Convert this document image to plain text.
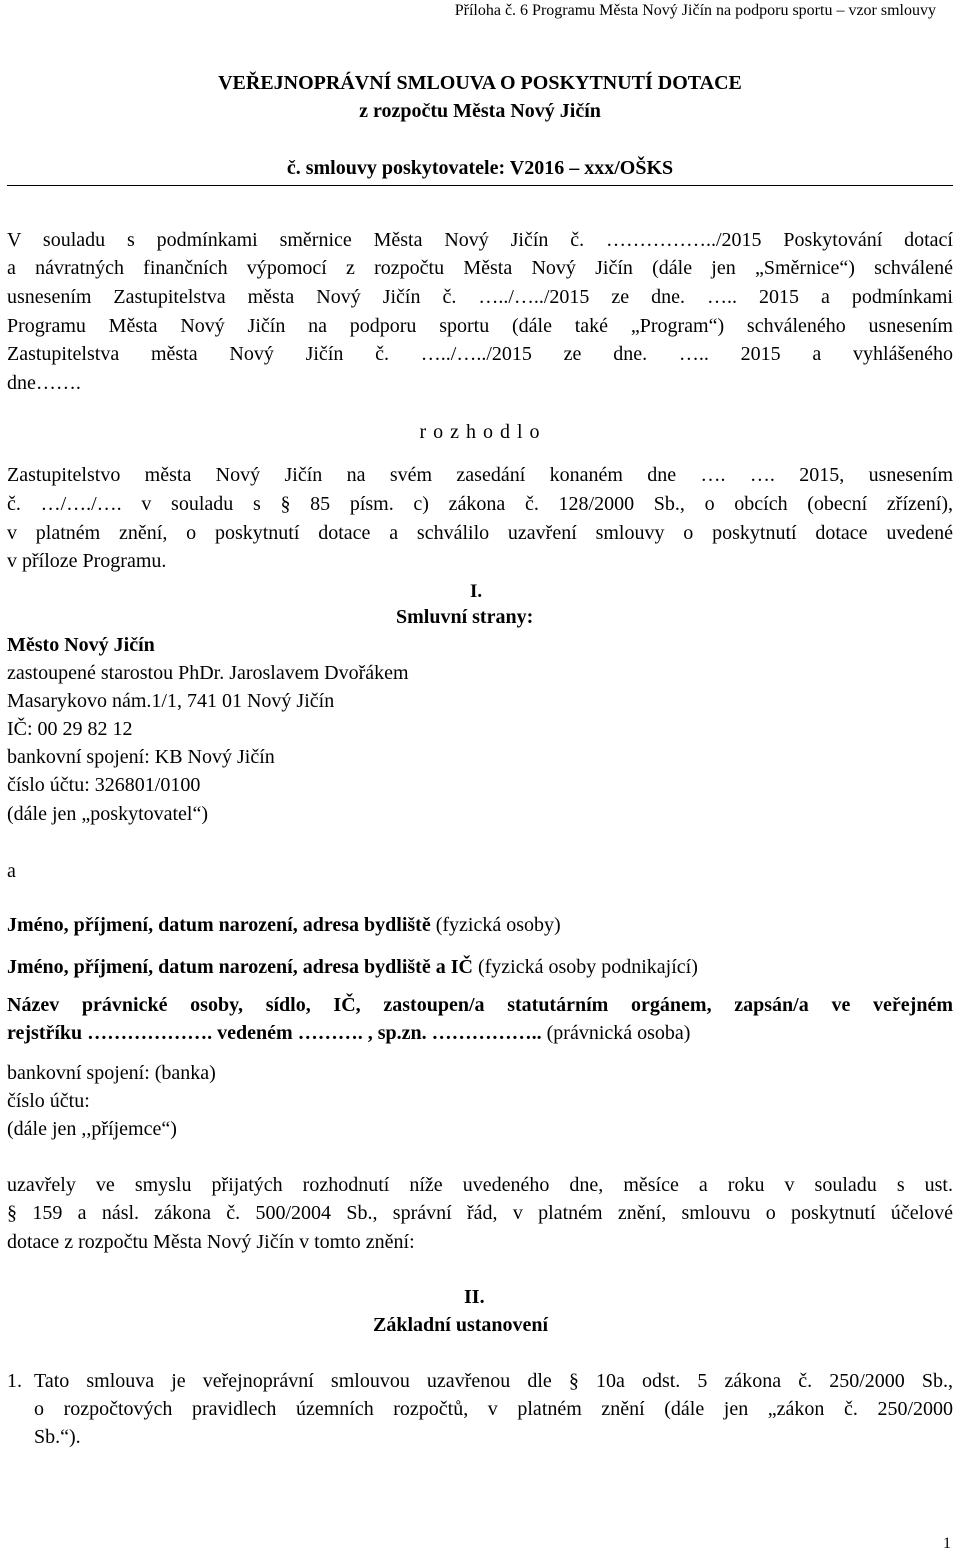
Příloha č. 6 Programu Města Nový Jičín na podporu sportu – vzor smlouvy
VEŘEJNOPRÁVNÍ SMLOUVA O POSKYTNUTÍ DOTACE
z rozpočtu Města Nový Jičín
č. smlouvy poskytovatele: V2016 – xxx/OŠKS
V souladu s podmínkami směrnice Města Nový Jičín č. ……………../2015 Poskytování dotací
a návratných finančních výpomocí z rozpočtu Města Nový Jičín (dále jen „Směrnice“) schválené
usnesením Zastupitelstva města Nový Jičín č. …../…../2015 ze dne. ….. 2015 a podmínkami
Programu Města Nový Jičín na podporu sportu (dále také „Program“) schváleného usnesením
Zastupitelstva města Nový Jičín č. …../…../2015 ze dne. ….. 2015 a vyhlášeného
dne…….
r o z h o d l o
Zastupitelstvo města Nový Jičín na svém zasedání konaném dne …. …. 2015, usnesením
č. …/…./…. v souladu s § 85 písm. c) zákona č. 128/2000 Sb., o obcích (obecní zřízení),
v platném znění, o poskytnutí dotace a schválilo uzavření smlouvy o poskytnutí dotace uvedené
v příloze Programu.
I.
Smluvní strany:
Město Nový Jičín
zastoupené starostou PhDr. Jaroslavem Dvořákem
Masarykovo nám.1/1, 741 01 Nový Jičín
IČ: 00 29 82 12
bankovní spojení: KB Nový Jičín
číslo účtu: 326801/0100
(dále jen „poskytovatel“)
a
Jméno, příjmení, datum narození, adresa bydliště (fyzická osoby)
Jméno, příjmení, datum narození, adresa bydliště a IČ (fyzická osoby podnikající)
Název právnické osoby, sídlo, IČ, zastoupen/a statutárním orgánem, zapsán/a ve veřejném
rejstříku ………………. vedeném ………. , sp.zn. …………….. (právnická osoba)
bankovní spojení: (banka)
číslo účtu:
(dále jen ,,příjemce“)
uzavřely ve smyslu přijatých rozhodnutí níže uvedeného dne, měsíce a roku v souladu s ust.
§ 159 a násl. zákona č. 500/2004 Sb., správní řád, v platném znění, smlouvu o poskytnutí účelové
dotace z rozpočtu Města Nový Jičín v tomto znění:
II.
Základní ustanovení
1. Tato smlouva je veřejnoprávní smlouvou uzavřenou dle § 10a odst. 5 zákona č. 250/2000 Sb.,
o rozpočtových pravidlech územních rozpočtů, v platném znění (dále jen „zákon č. 250/2000
Sb.“).
1
